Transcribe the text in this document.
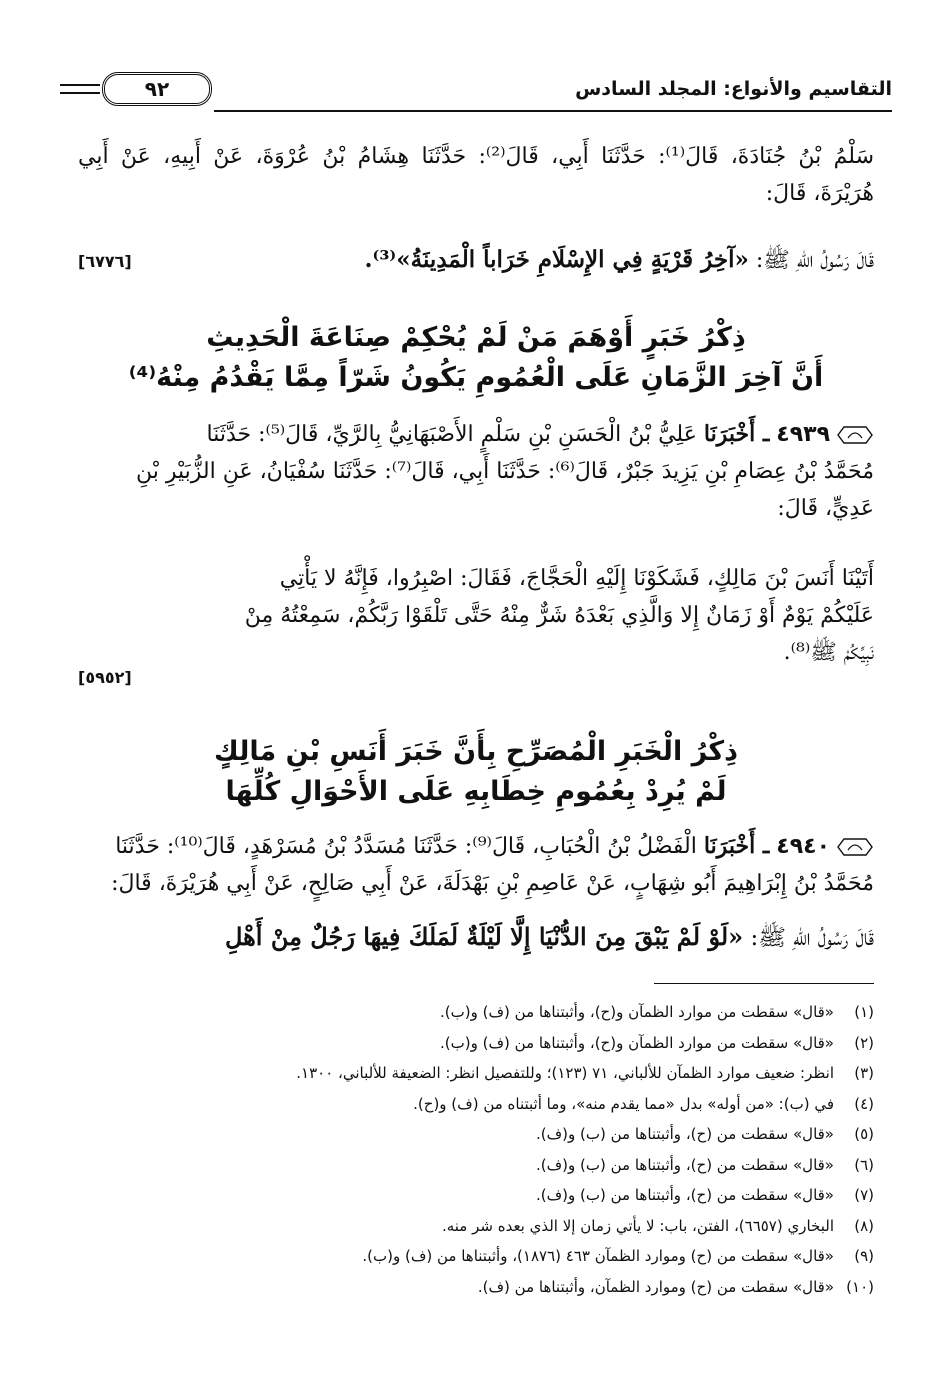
٩٢	التقاسيم والأنواع: المجلد السادس
سَلْمُ بْنُ جُنَادَةَ، قَالَ⁽¹⁾: حَدَّثَنَا أَبِي، قَالَ⁽²⁾: حَدَّثَنَا هِشَامُ بْنُ عُرْوَةَ، عَنْ أَبِيهِ، عَنْ أَبِي
هُرَيْرَةَ، قَالَ:
قَالَ رَسُولُ اللهِ ﷺ: «آخِرُ قَرْيَةٍ فِي الإِسْلَامِ خَرَاباً الْمَدِينَةُ»⁽³⁾.
[٦٧٧٦]
ذِكْرُ خَبَرٍ أَوْهَمَ مَنْ لَمْ يُحْكِمْ صِنَاعَةَ الْحَدِيثِ
أَنَّ آخِرَ الزَّمَانِ عَلَى الْعُمُومِ يَكُونُ شَرّاً مِمَّا يَقْدُمُ مِنْهُ⁽⁴⁾
٤٩٣٩ ـ أَخْبَرَنَا عَلِيُّ بْنُ الْحَسَنِ بْنِ سَلْمٍ الأَصْبَهَانِيُّ بِالرَّيِّ، قَالَ⁽⁵⁾: حَدَّثَنَا
مُحَمَّدُ بْنُ عِصَامِ بْنِ يَزِيدَ جَبْرٌ، قَالَ⁽⁶⁾: حَدَّثَنَا أَبِي، قَالَ⁽⁷⁾: حَدَّثَنَا سُفْيَانُ، عَنِ الزُّبَيْرِ بْنِ
عَدِيٍّ، قَالَ:
أَتَيْنَا أَنَسَ بْنَ مَالِكٍ، فَشَكَوْنَا إِلَيْهِ الْحَجَّاجَ، فَقَالَ: اصْبِرُوا، فَإِنَّهُ لا يَأْتِي
عَلَيْكُمْ يَوْمٌ أَوْ زَمَانٌ إِلا وَالَّذِي بَعْدَهُ شَرٌّ مِنْهُ حَتَّى تَلْقَوْا رَبَّكُمْ، سَمِعْتُهُ مِنْ
نَبِيِّكُمْ ﷺ⁽⁸⁾.
[٥٩٥٢]
ذِكْرُ الْخَبَرِ الْمُصَرِّحِ بِأَنَّ خَبَرَ أَنَسِ بْنِ مَالِكٍ
لَمْ يُرِدْ بِعُمُومِ خِطَابِهِ عَلَى الأَحْوَالِ كُلِّهَا
٤٩٤٠ ـ أَخْبَرَنَا الْفَضْلُ بْنُ الْحُبَابِ، قَالَ⁽⁹⁾: حَدَّثَنَا مُسَدَّدُ بْنُ مُسَرْهَدٍ، قَالَ⁽¹⁰⁾: حَدَّثَنَا
مُحَمَّدُ بْنُ إِبْرَاهِيمَ أَبُو شِهَابٍ، عَنْ عَاصِمِ بْنِ بَهْدَلَةَ، عَنْ أَبِي صَالِحٍ، عَنْ أَبِي هُرَيْرَةَ، قَالَ:
قَالَ رَسُولُ اللهِ ﷺ: «لَوْ لَمْ يَبْقَ مِنَ الدُّنْيَا إِلَّا لَيْلَةٌ لَمَلَكَ فِيهَا رَجُلٌ مِنْ أَهْلِ
(١)
«قال» سقطت من موارد الظمآن و(ح)، وأثبتناها من (ف) و(ب).
(٢)
«قال» سقطت من موارد الظمآن و(ح)، وأثبتناها من (ف) و(ب).
(٣)
انظر: ضعيف موارد الظمآن للألباني، ٧١ (١٢٣)؛ وللتفصيل انظر: الضعيفة للألباني، ١٣٠٠.
(٤)
في (ب): «من أوله» بدل «مما يقدم منه»، وما أثبتناه من (ف) و(ح).
(٥)
«قال» سقطت من (ح)، وأثبتناها من (ب) و(ف).
(٦)
«قال» سقطت من (ح)، وأثبتناها من (ب) و(ف).
(٧)
«قال» سقطت من (ح)، وأثبتناها من (ب) و(ف).
(٨)
البخاري (٦٦٥٧)، الفتن، باب: لا يأتي زمان إلا الذي بعده شر منه.
(٩)
«قال» سقطت من (ح) وموارد الظمآن ٤٦٣ (١٨٧٦)، وأثبتناها من (ف) و(ب).
(١٠)
«قال» سقطت من (ح) وموارد الظمآن، وأثبتناها من (ف).
